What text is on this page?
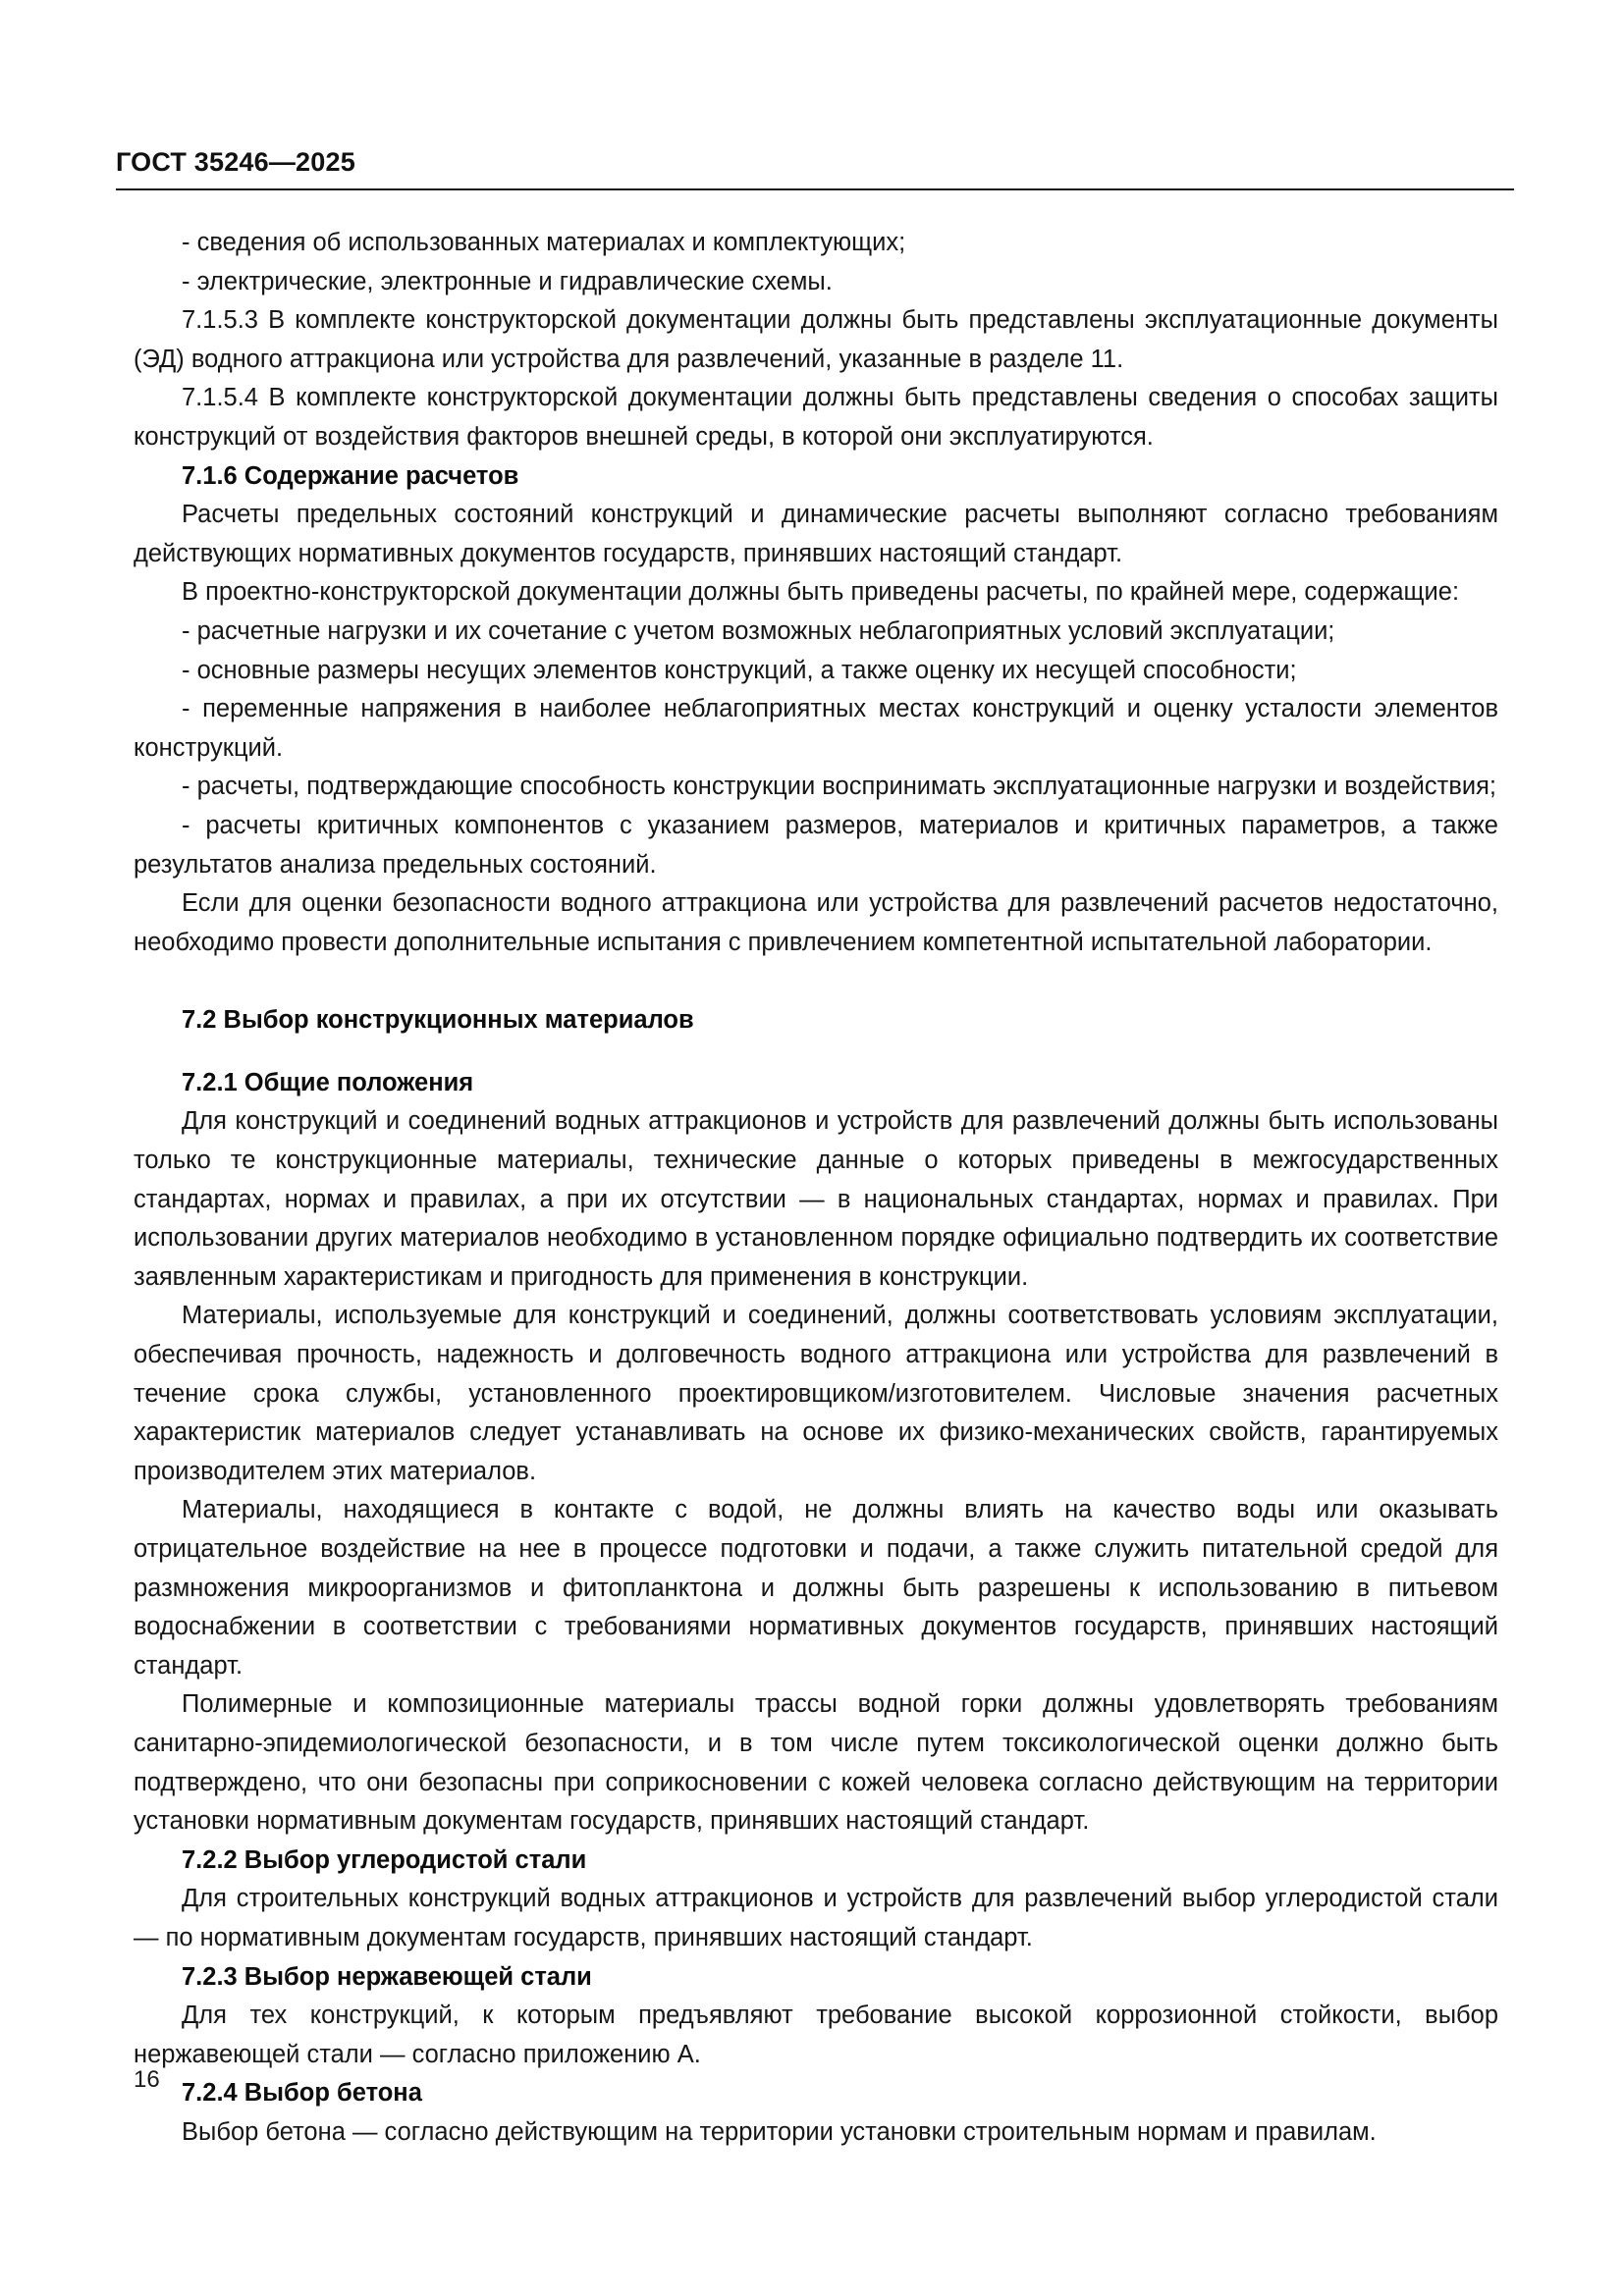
ГОСТ 35246—2025

- сведения об использованных материалах и комплектующих;

- электрические, электронные и гидравлические схемы.

7.1.5.3 В комплекте конструкторской документации должны быть представлены эксплуатационные документы (ЭД) водного аттракциона или устройства для развлечений, указанные в разделе 11.

7.1.5.4 В комплекте конструкторской документации должны быть представлены сведения о способах защиты конструкций от воздействия факторов внешней среды, в которой они эксплуатируются.

7.1.6 Содержание расчетов

Расчеты предельных состояний конструкций и динамические расчеты выполняют согласно требованиям действующих нормативных документов государств, принявших настоящий стандарт.

В проектно-конструкторской документации должны быть приведены расчеты, по крайней мере, содержащие:

- расчетные нагрузки и их сочетание с учетом возможных неблагоприятных условий эксплуатации;

- основные размеры несущих элементов конструкций, а также оценку их несущей способности;

- переменные напряжения в наиболее неблагоприятных местах конструкций и оценку усталости элементов конструкций.

- расчеты, подтверждающие способность конструкции воспринимать эксплуатационные нагрузки и воздействия;

- расчеты критичных компонентов с указанием размеров, материалов и критичных параметров, а также результатов анализа предельных состояний.

Если для оценки безопасности водного аттракциона или устройства для развлечений расчетов недостаточно, необходимо провести дополнительные испытания с привлечением компетентной испытательной лаборатории.

7.2 Выбор конструкционных материалов
7.2.1 Общие положения

Для конструкций и соединений водных аттракционов и устройств для развлечений должны быть использованы только те конструкционные материалы, технические данные о которых приведены в межгосударственных стандартах, нормах и правилах, а при их отсутствии — в национальных стандартах, нормах и правилах. При использовании других материалов необходимо в установленном порядке официально подтвердить их соответствие заявленным характеристикам и пригодность для применения в конструкции.

Материалы, используемые для конструкций и соединений, должны соответствовать условиям эксплуатации, обеспечивая прочность, надежность и долговечность водного аттракциона или устройства для развлечений в течение срока службы, установленного проектировщиком/изготовителем. Числовые значения расчетных характеристик материалов следует устанавливать на основе их физико-механических свойств, гарантируемых производителем этих материалов.

Материалы, находящиеся в контакте с водой, не должны влиять на качество воды или оказывать отрицательное воздействие на нее в процессе подготовки и подачи, а также служить питательной средой для размножения микроорганизмов и фитопланктона и должны быть разрешены к использованию в питьевом водоснабжении в соответствии с требованиями нормативных документов государств, принявших настоящий стандарт.

Полимерные и композиционные материалы трассы водной горки должны удовлетворять требованиям санитарно-эпидемиологической безопасности, и в том числе путем токсикологической оценки должно быть подтверждено, что они безопасны при соприкосновении с кожей человека согласно действующим на территории установки нормативным документам государств, принявших настоящий стандарт.

7.2.2 Выбор углеродистой стали

Для строительных конструкций водных аттракционов и устройств для развлечений выбор углеродистой стали — по нормативным документам государств, принявших настоящий стандарт.

7.2.3 Выбор нержавеющей стали

Для тех конструкций, к которым предъявляют требование высокой коррозионной стойкости, выбор нержавеющей стали — согласно приложению А.

7.2.4 Выбор бетона

Выбор бетона — согласно действующим на территории установки строительным нормам и правилам.

16
